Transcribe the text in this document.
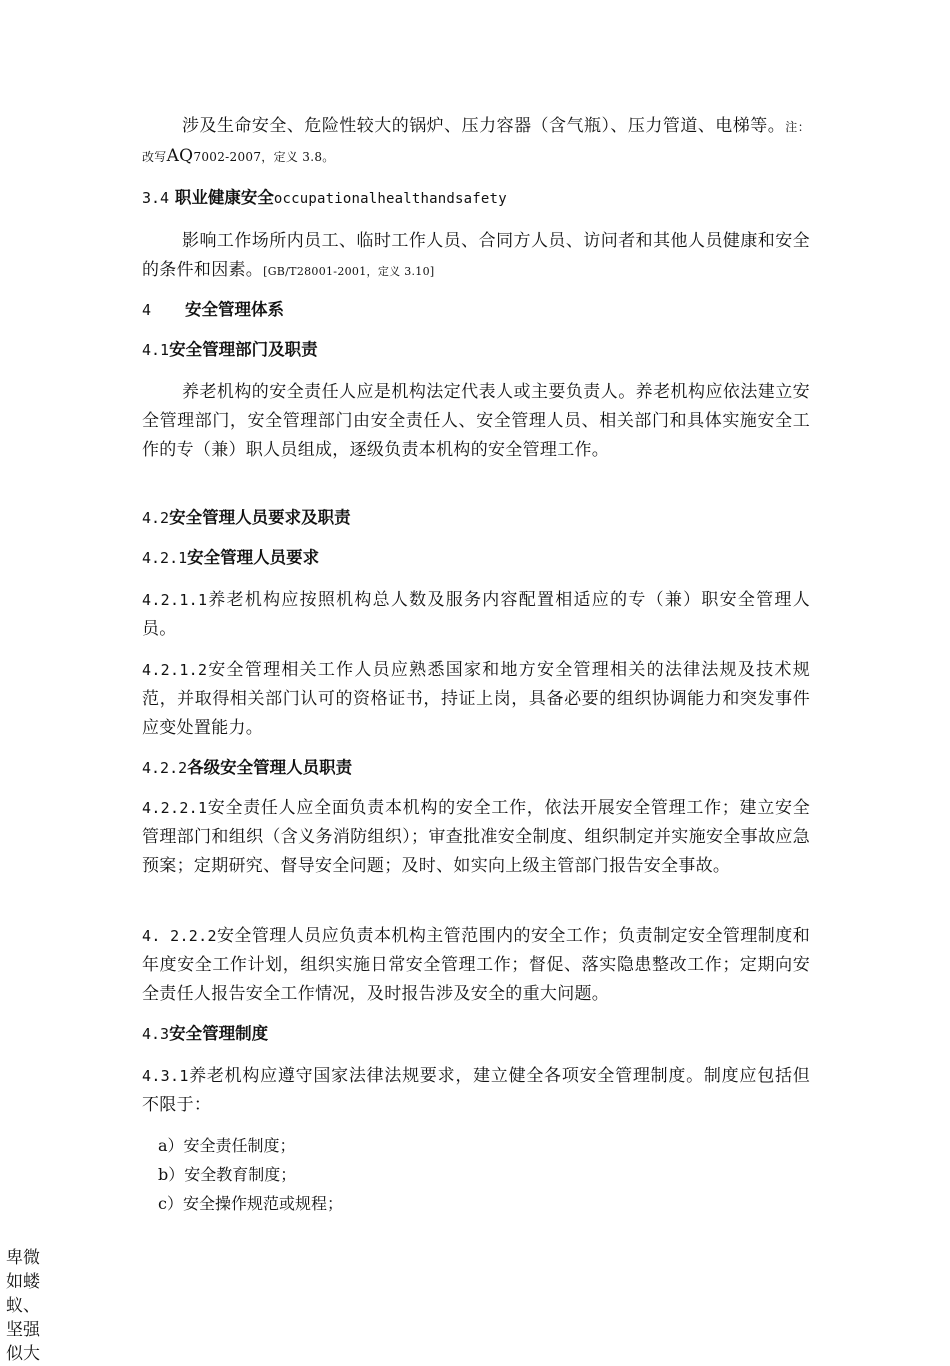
涉及生命安全、危险性较大的锅炉、压力容器（含气瓶）、压力管道、电梯等。注：改写AQ7002-2007，定义 3.8。

3.4 职业健康安全occupationalhealthandsafety

影响工作场所内员工、临时工作人员、合同方人员、访问者和其他人员健康和安全的条件和因素。[GB/T28001-2001，定义 3.10]

4 安全管理体系
4.1安全管理部门及职责

养老机构的安全责任人应是机构法定代表人或主要负责人。养老机构应依法建立安全管理部门，安全管理部门由安全责任人、安全管理人员、相关部门和具体实施安全工作的专（兼）职人员组成，逐级负责本机构的安全管理工作。

4.2安全管理人员要求及职责
4.2.1安全管理人员要求

4.2.1.1养老机构应按照机构总人数及服务内容配置相适应的专（兼）职安全管理人员。

4.2.1.2安全管理相关工作人员应熟悉国家和地方安全管理相关的法律法规及技术规范，并取得相关部门认可的资格证书，持证上岗，具备必要的组织协调能力和突发事件应变处置能力。

4.2.2各级安全管理人员职责

4.2.2.1安全责任人应全面负责本机构的安全工作，依法开展安全管理工作；建立安全管理部门和组织（含义务消防组织）；审查批准安全制度、组织制定并实施安全事故应急预案；定期研究、督导安全问题；及时、如实向上级主管部门报告安全事故。

4. 2.2.2安全管理人员应负责本机构主管范围内的安全工作；负责制定安全管理制度和年度安全工作计划，组织实施日常安全管理工作；督促、落实隐患整改工作；定期向安全责任人报告安全工作情况，及时报告涉及安全的重大问题。

4.3安全管理制度

4.3.1养老机构应遵守国家法律法规要求，建立健全各项安全管理制度。制度应包括但不限于：

a）安全责任制度；
b）安全教育制度；
c）安全操作规范或规程；
卑微如蝼蚁、坚强似大
